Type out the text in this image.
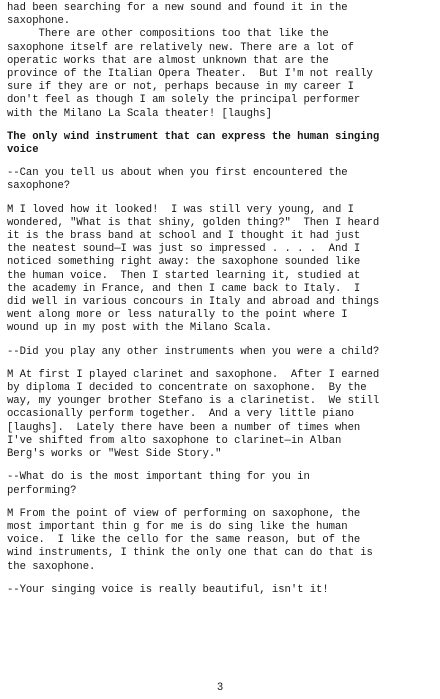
had been searching for a new sound and found it in the
saxophone.
There are other compositions too that like the
saxophone itself are relatively new. There are a lot of
operatic works that are almost unknown that are the
province of the Italian Opera Theater.  But I'm not really
sure if they are or not, perhaps because in my career I
don't feel as though I am solely the principal performer
with the Milano La Scala theater! [laughs]

The only wind instrument that can express the human singing
voice

--Can you tell us about when you first encountered the
saxophone?

M I loved how it looked!  I was still very young, and I
wondered, "What is that shiny, golden thing?"  Then I heard
it is the brass band at school and I thought it had just
the neatest sound—I was just so impressed . . . .  And I
noticed something right away: the saxophone sounded like
the human voice.  Then I started learning it, studied at
the academy in France, and then I came back to Italy.  I
did well in various concours in Italy and abroad and things
went along more or less naturally to the point where I
wound up in my post with the Milano Scala.

--Did you play any other instruments when you were a child?

M At first I played clarinet and saxophone.  After I earned
by diploma I decided to concentrate on saxophone.  By the
way, my younger brother Stefano is a clarinetist.  We still
occasionally perform together.  And a very little piano
[laughs].  Lately there have been a number of times when
I've shifted from alto saxophone to clarinet—in Alban
Berg's works or "West Side Story."

--What do is the most important thing for you in
performing?

M From the point of view of performing on saxophone, the
most important thin g for me is do sing like the human
voice.  I like the cello for the same reason, but of the
wind instruments, I think the only one that can do that is
the saxophone.

--Your singing voice is really beautiful, isn't it!

3
